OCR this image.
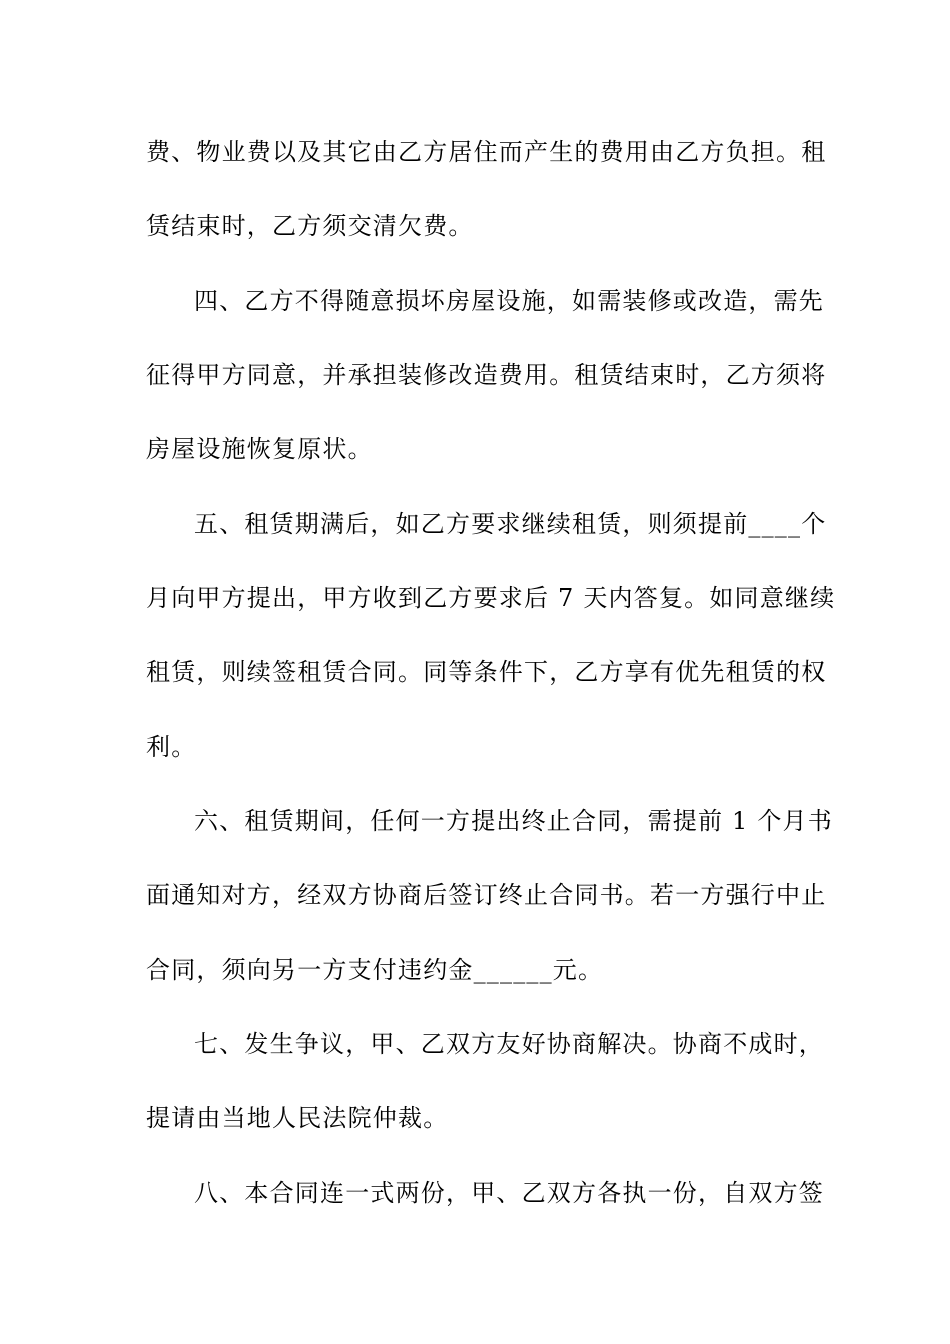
费、物业费以及其它由乙方居住而产生的费用由乙方负担。租
赁结束时，乙方须交清欠费。
四、乙方不得随意损坏房屋设施，如需装修或改造，需先
征得甲方同意，并承担装修改造费用。租赁结束时，乙方须将
房屋设施恢复原状。
五、租赁期满后，如乙方要求继续租赁，则须提前____个
月向甲方提出，甲方收到乙方要求后 7 天内答复。如同意继续
租赁，则续签租赁合同。同等条件下，乙方享有优先租赁的权
利。
六、租赁期间，任何一方提出终止合同，需提前 1 个月书
面通知对方，经双方协商后签订终止合同书。若一方强行中止
合同，须向另一方支付违约金______元。
七、发生争议，甲、乙双方友好协商解决。协商不成时，
提请由当地人民法院仲裁。
八、本合同连一式两份，甲、乙双方各执一份，自双方签
